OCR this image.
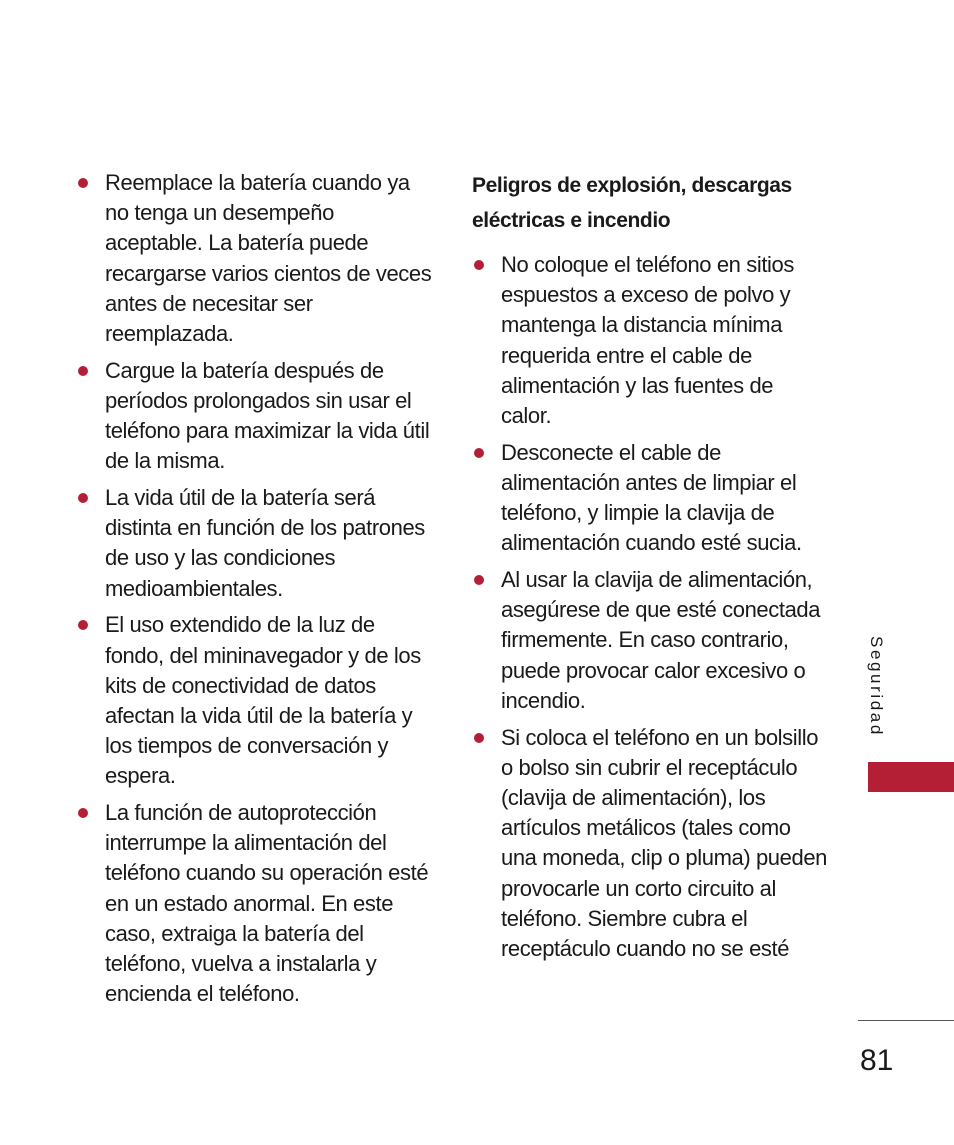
Reemplace la batería cuando ya no tenga un desempeño aceptable. La batería puede recargarse varios cientos de veces antes de necesitar ser reemplazada.
Cargue la batería después de períodos prolongados sin usar el teléfono para maximizar la vida útil de la misma.
La vida útil de la batería será distinta en función de los patrones de uso y las condiciones medioambientales.
El uso extendido de la luz de fondo, del mininavegador y de los kits de conectividad de datos afectan la vida útil de la batería y los tiempos de conversación y espera.
La función de autoprotección interrumpe la alimentación del teléfono cuando su operación esté en un estado anormal. En este caso, extraiga la batería del teléfono, vuelva a instalarla y encienda el teléfono.
Peligros de explosión, descargas eléctricas e incendio
No coloque el teléfono en sitios espuestos a exceso de polvo y mantenga la distancia mínima requerida entre el cable de alimentación y las fuentes de calor.
Desconecte el cable de alimentación antes de limpiar el teléfono, y limpie la clavija de alimentación cuando esté sucia.
Al usar la clavija de alimentación, asegúrese de que esté conectada firmemente. En caso contrario, puede provocar calor excesivo o incendio.
Si coloca el teléfono en un bolsillo o bolso sin cubrir el receptáculo (clavija de alimentación), los artículos metálicos (tales como una moneda, clip o pluma) pueden provocarle un corto circuito al teléfono. Siembre cubra el receptáculo cuando no se esté
Seguridad
81
